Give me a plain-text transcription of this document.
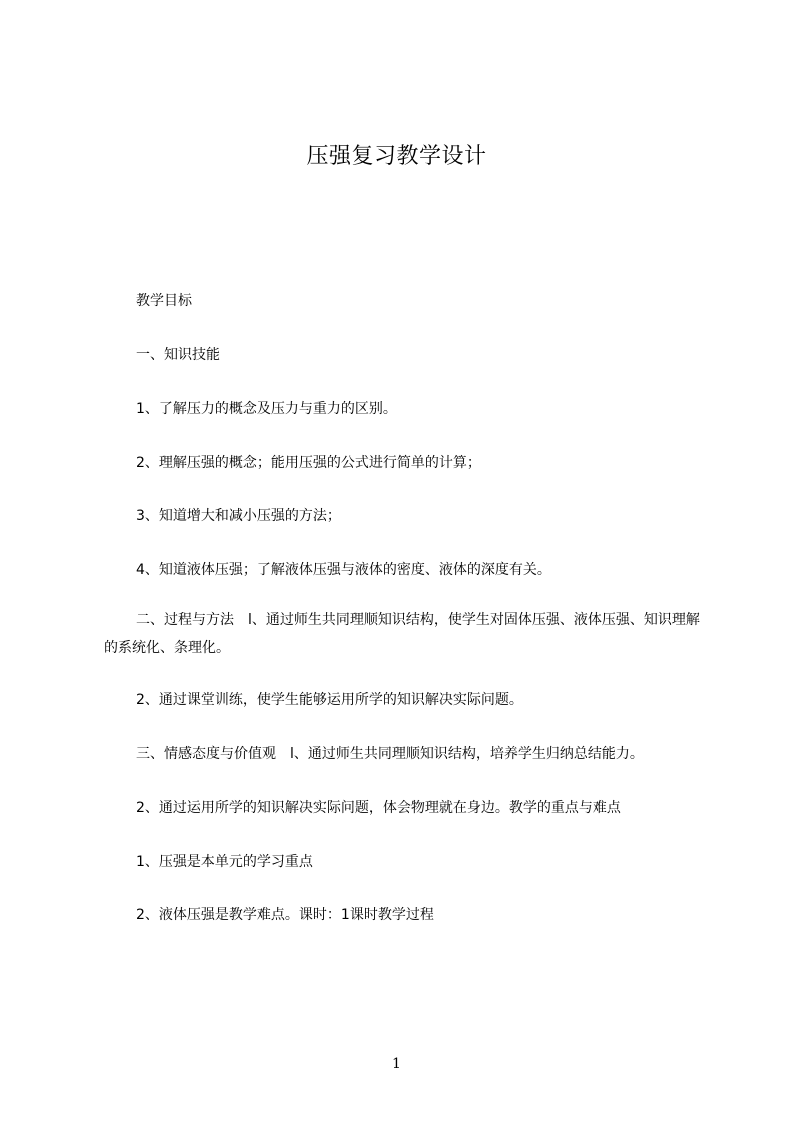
压强复习教学设计
教学目标
一、知识技能
1、了解压力的概念及压力与重力的区别。
2、理解压强的概念；能用压强的公式进行简单的计算；
3、知道增大和减小压强的方法；
4、知道液体压强；了解液体压强与液体的密度、液体的深度有关。
二、过程与方法　l、通过师生共同理顺知识结构，使学生对固体压强、液体压强、知识理解的系统化、条理化。
2、通过课堂训练，使学生能够运用所学的知识解决实际问题。
三、情感态度与价值观　l、通过师生共同理顺知识结构，培养学生归纳总结能力。
2、通过运用所学的知识解决实际问题，体会物理就在身边。教学的重点与难点
1、压强是本单元的学习重点
2、液体压强是教学难点。课时：1课时教学过程
1
